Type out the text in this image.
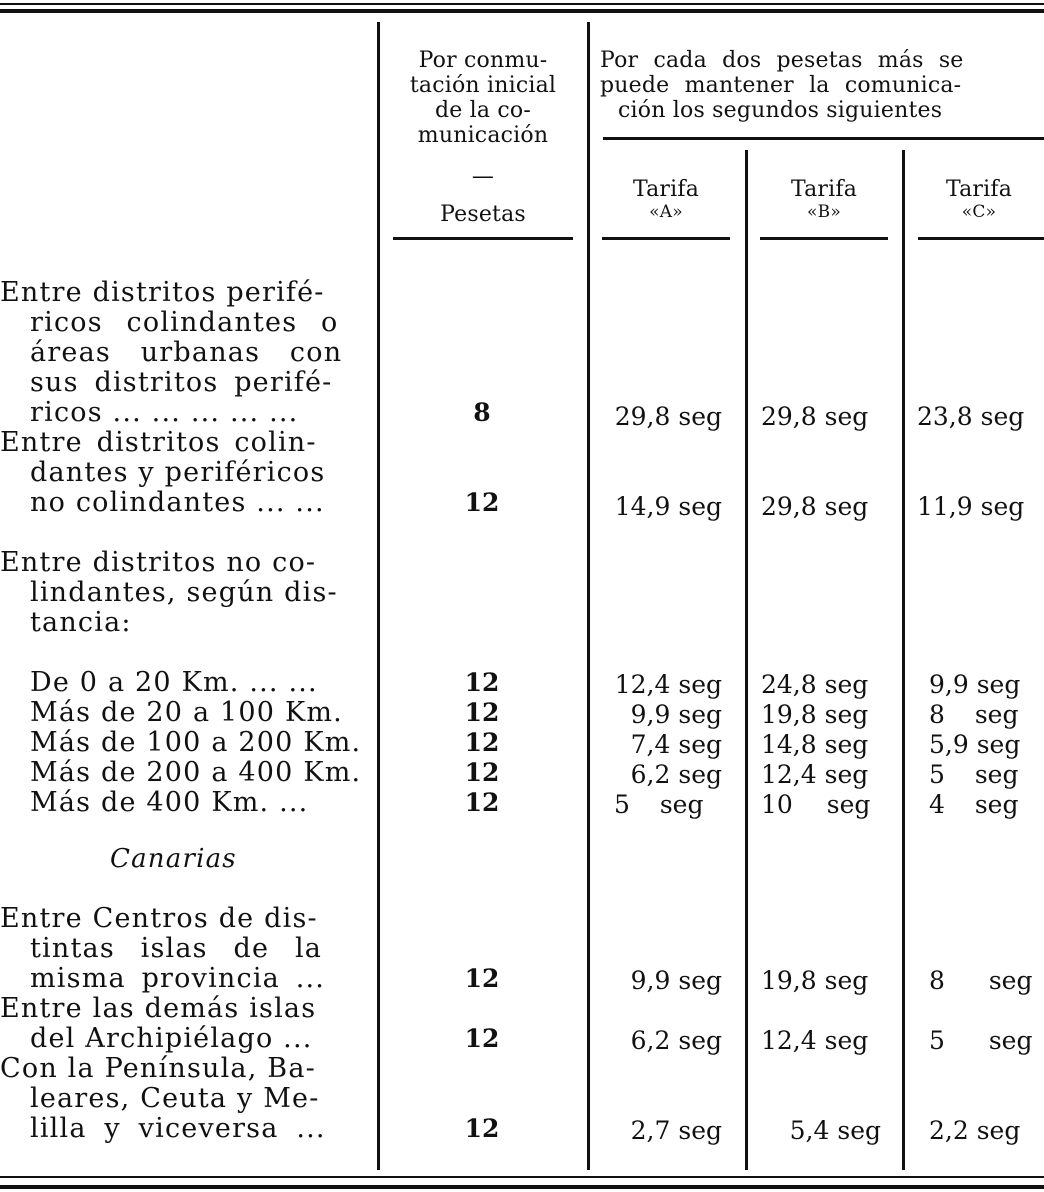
Por conmu-
tación inicial
de la co-
municación
—
Pesetas
Por cada dos pesetas más se
puede mantener la comunica-
ción los segundos siguientes
Tarifa
«A»
Tarifa
«B»
Tarifa
«C»
Entre distritos perifé-
ricos colindantes o
áreas urbanas con
sus distritos perifé-
ricos ... ... ... ... ...
Entre distritos colin-
dantes y periféricos
no colindantes ... ...
Entre distritos no co-
lindantes, según dis-
tancia:
De 0 a 20 Km. ... ...
Más de 20 a 100 Km.
Más de 100 a 200 Km.
Más de 200 a 400 Km.
Más de 400 Km. ...
Canarias
Entre Centros de dis-
tintas islas de la
misma provincia ...
Entre las demás islas
del Archipiélago ...
Con la Península, Ba-
leares, Ceuta y Me-
lilla y viceversa ...
8
12
12
12
12
12
12
12
12
12
29,8 seg
14,9 seg
12,4 seg
9,9 seg
7,4 seg
6,2 seg
5 seg
9,9 seg
6,2 seg
2,7 seg
29,8 seg
29,8 seg
24,8 seg
19,8 seg
14,8 seg
12,4 seg
10 seg
19,8 seg
12,4 seg
5,4 seg
23,8 seg
11,9 seg
9,9 seg
8 seg
5,9 seg
5 seg
4 seg
8 seg
5 seg
2,2 seg
